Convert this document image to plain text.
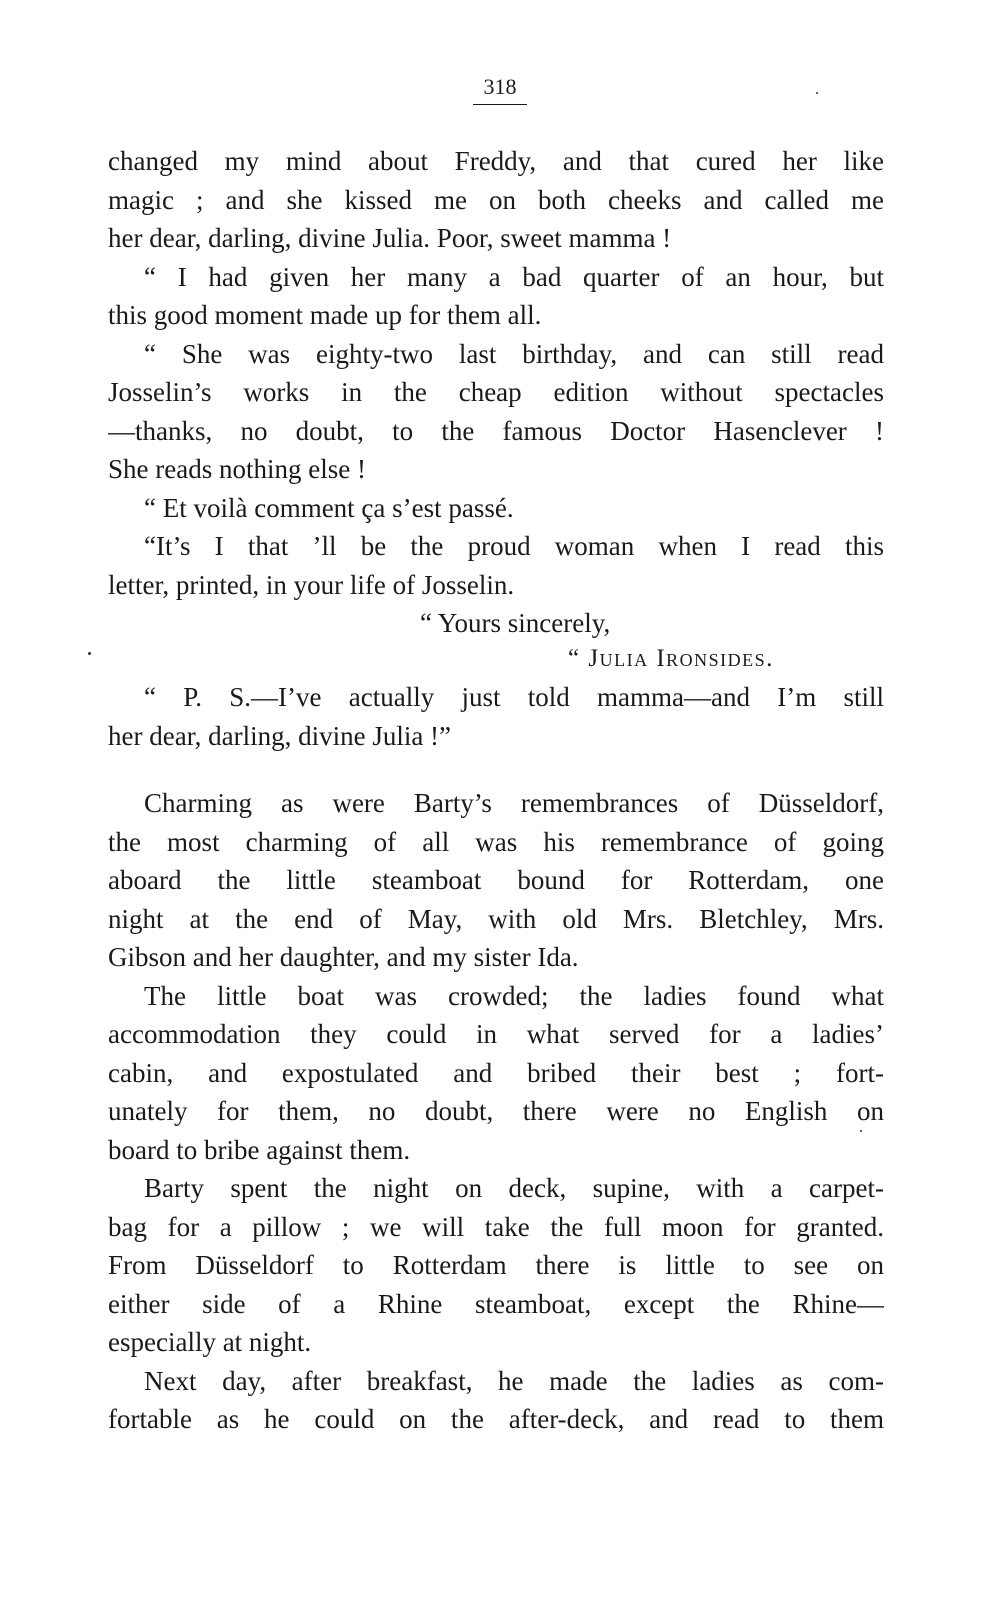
318
changed my mind about Freddy, and that cured her like
magic ; and she kissed me on both cheeks and called me
her dear, darling, divine Julia. Poor, sweet mamma !
“ I had given her many a bad quarter of an hour, but
this good moment made up for them all.
“ She was eighty-two last birthday, and can still read
Josselin’s works in the cheap edition without spectacles
—thanks, no doubt, to the famous Doctor Hasenclever !
She reads nothing else !
“ Et voilà comment ça s’est passé.
“It’s I that ’ll be the proud woman when I read this
letter, printed, in your life of Josselin.
“ Yours sincerely,
“ Julia Ironsides.
“ P. S.—I’ve actually just told mamma—and I’m still
her dear, darling, divine Julia !”
Charming as were Barty’s remembrances of Düsseldorf,
the most charming of all was his remembrance of going
aboard the little steamboat bound for Rotterdam, one
night at the end of May, with old Mrs. Bletchley, Mrs.
Gibson and her daughter, and my sister Ida.
The little boat was crowded; the ladies found what
accommodation they could in what served for a ladies’
cabin, and expostulated and bribed their best ; fort-
unately for them, no doubt, there were no English on
board to bribe against them.
Barty spent the night on deck, supine, with a carpet-
bag for a pillow ; we will take the full moon for granted.
From Düsseldorf to Rotterdam there is little to see on
either side of a Rhine steamboat, except the Rhine—
especially at night.
Next day, after breakfast, he made the ladies as com-
fortable as he could on the after-deck, and read to them
